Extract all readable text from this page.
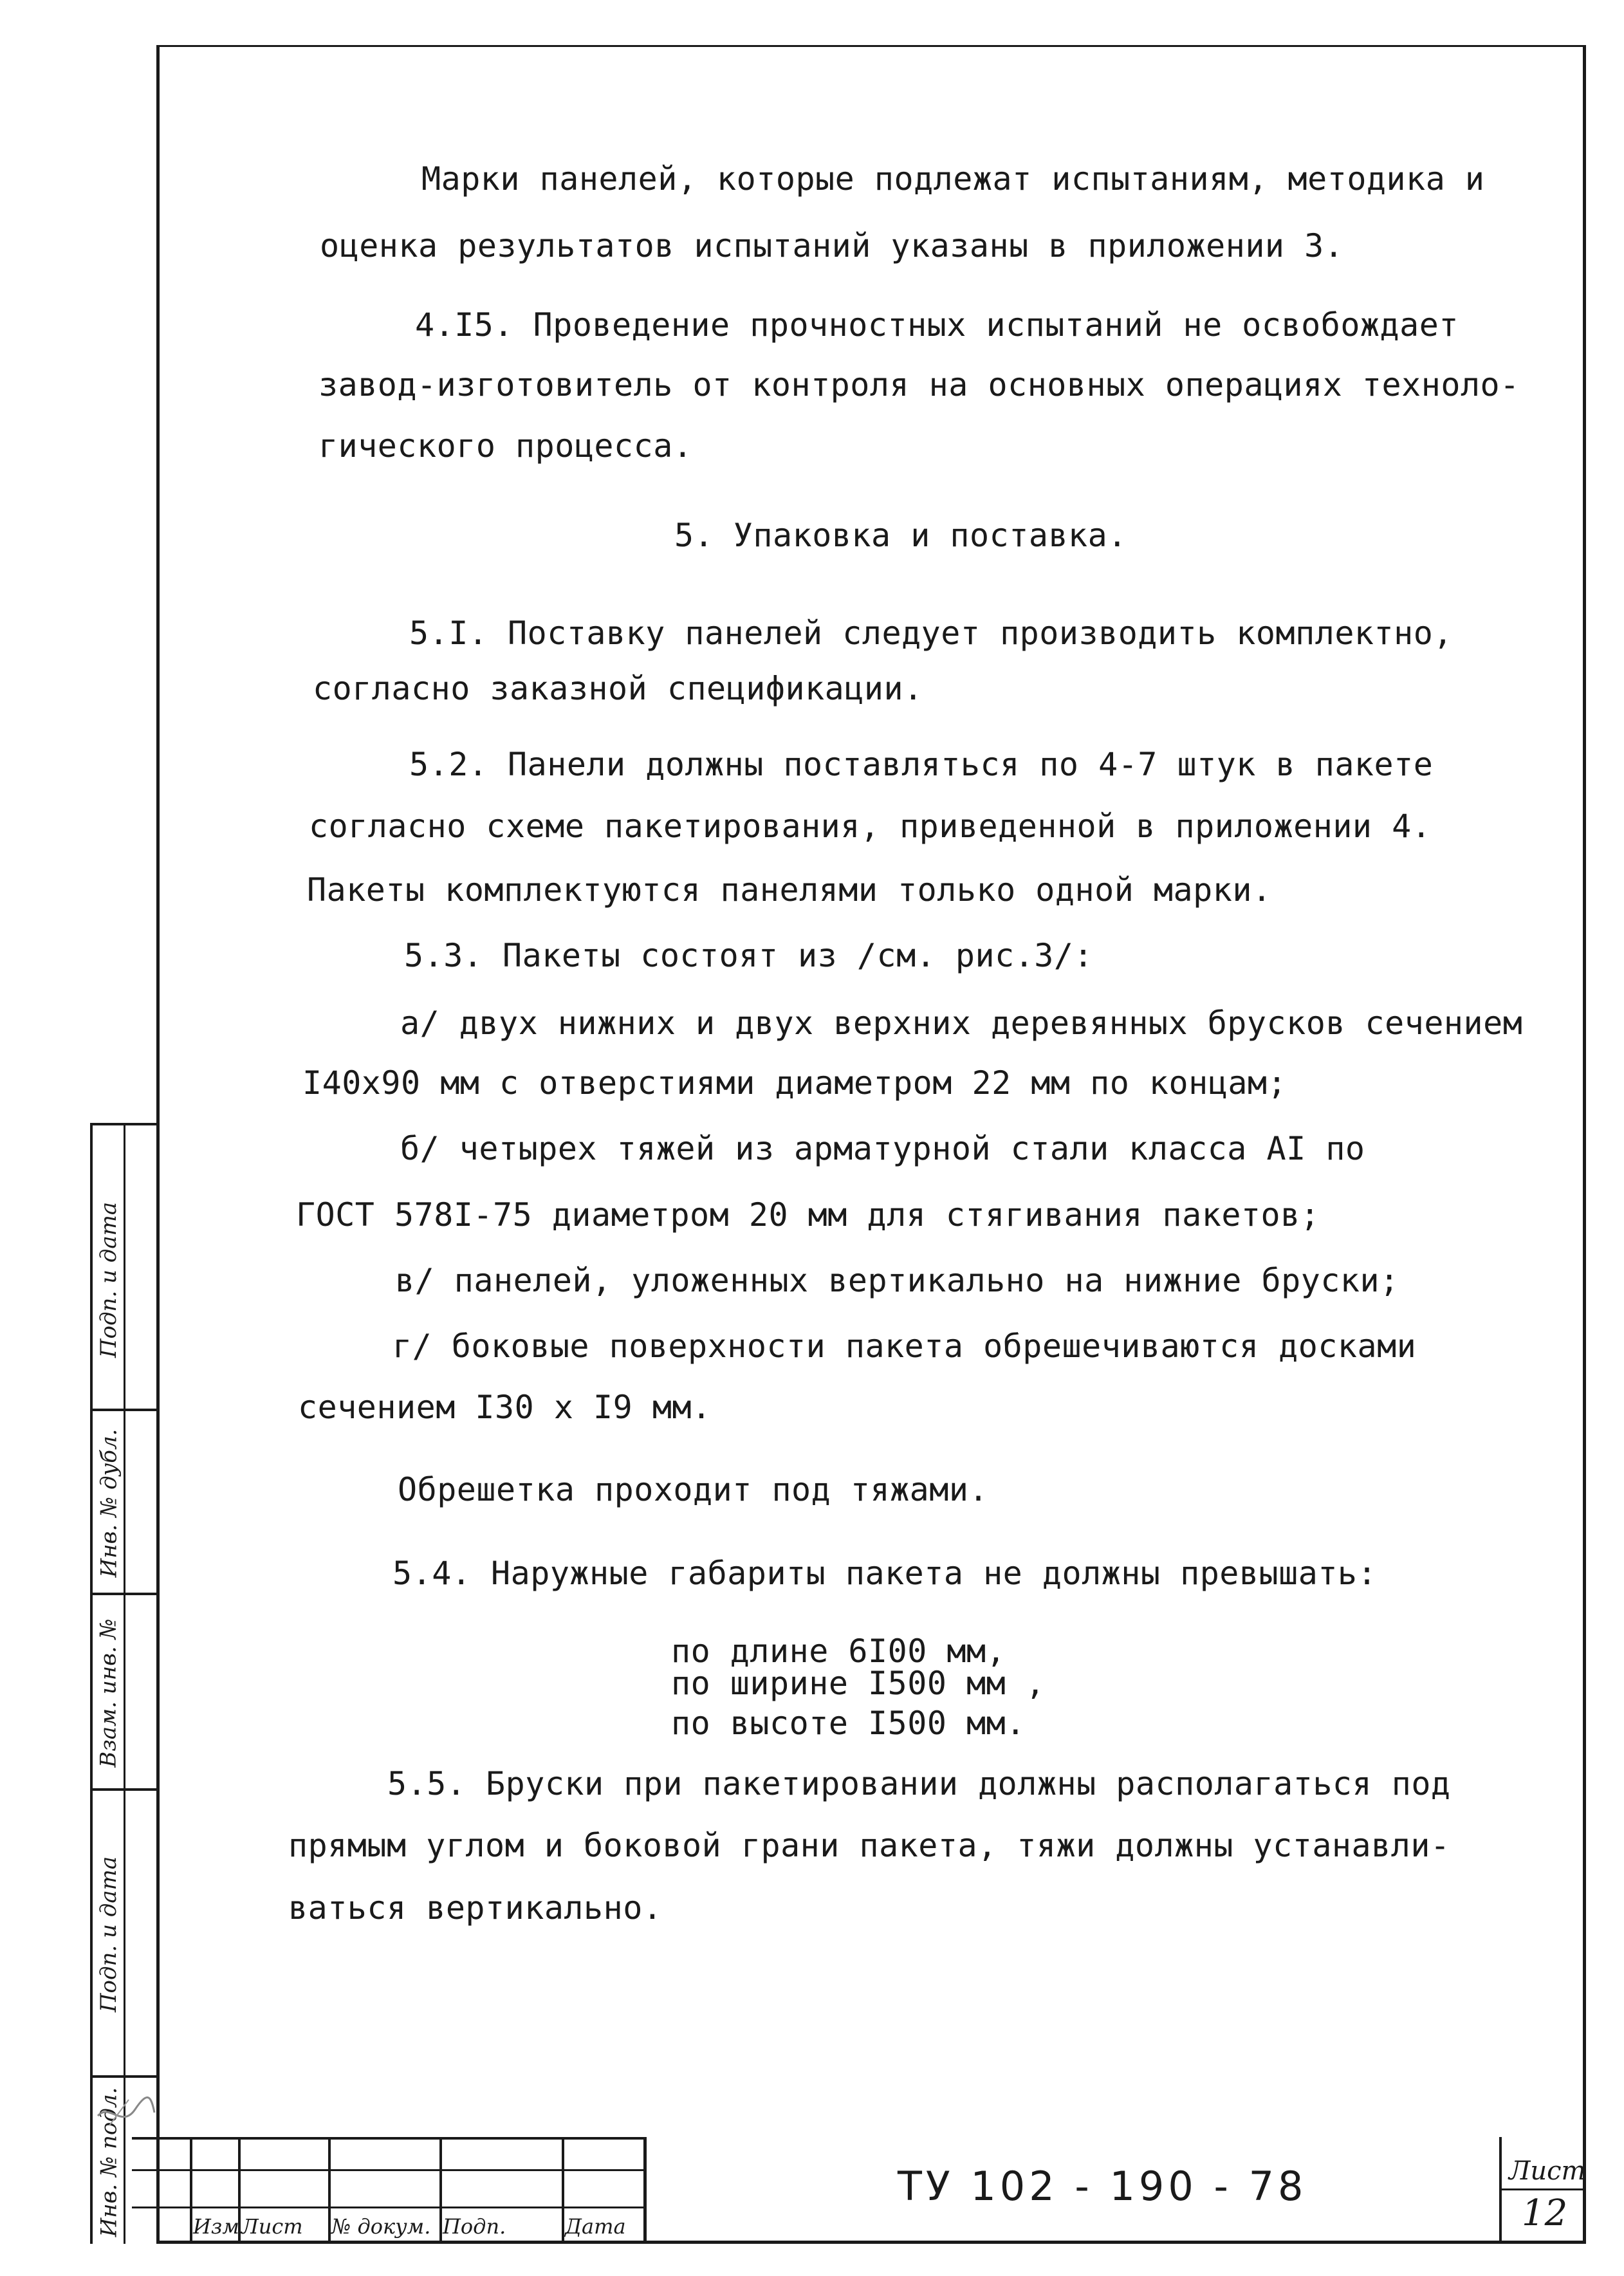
Марки панелей, которые подлежат испытаниям, методика и
оценка результатов испытаний указаны в приложении 3.
4.I5. Проведение прочностных испытаний не освобождает
завод-изготовитель от контроля на основных операциях техноло-
гического процесса.
5. Упаковка и поставка.
5.I. Поставку панелей следует производить комплектно,
согласно заказной спецификации.
5.2. Панели должны поставляться по 4-7 штук в пакете
согласно схеме пакетирования, приведенной в приложении 4.
Пакеты комплектуются панелями только одной марки.
5.3. Пакеты состоят из /см. рис.3/:
а/ двух нижних и двух верхних деревянных брусков сечением
I40x90 мм с отверстиями диаметром 22 мм по концам;
б/ четырех тяжей из арматурной стали класса AI по
ГОСТ 578I-75 диаметром 20 мм для стягивания пакетов;
в/ панелей, уложенных вертикально на нижние бруски;
г/ боковые поверхности пакета обрешечиваются досками
сечением I30 х I9 мм.
Обрешетка проходит под тяжами.
5.4. Наружные габариты пакета не должны превышать:
по длине 6I00 мм,
по ширине I500 мм ,
по высоте I500 мм.
5.5. Бруски при пакетировании должны располагаться под
прямым углом и боковой грани пакета, тяжи должны устанавли-
ваться вертикально.
Подп. и дата
Инв. № дубл.
Взам. инв. №
Подп. и дата
Инв. № подл.	Изм Лист № докум. Подп.	Дата
ТУ 102 - 190 - 78	Лист
12
